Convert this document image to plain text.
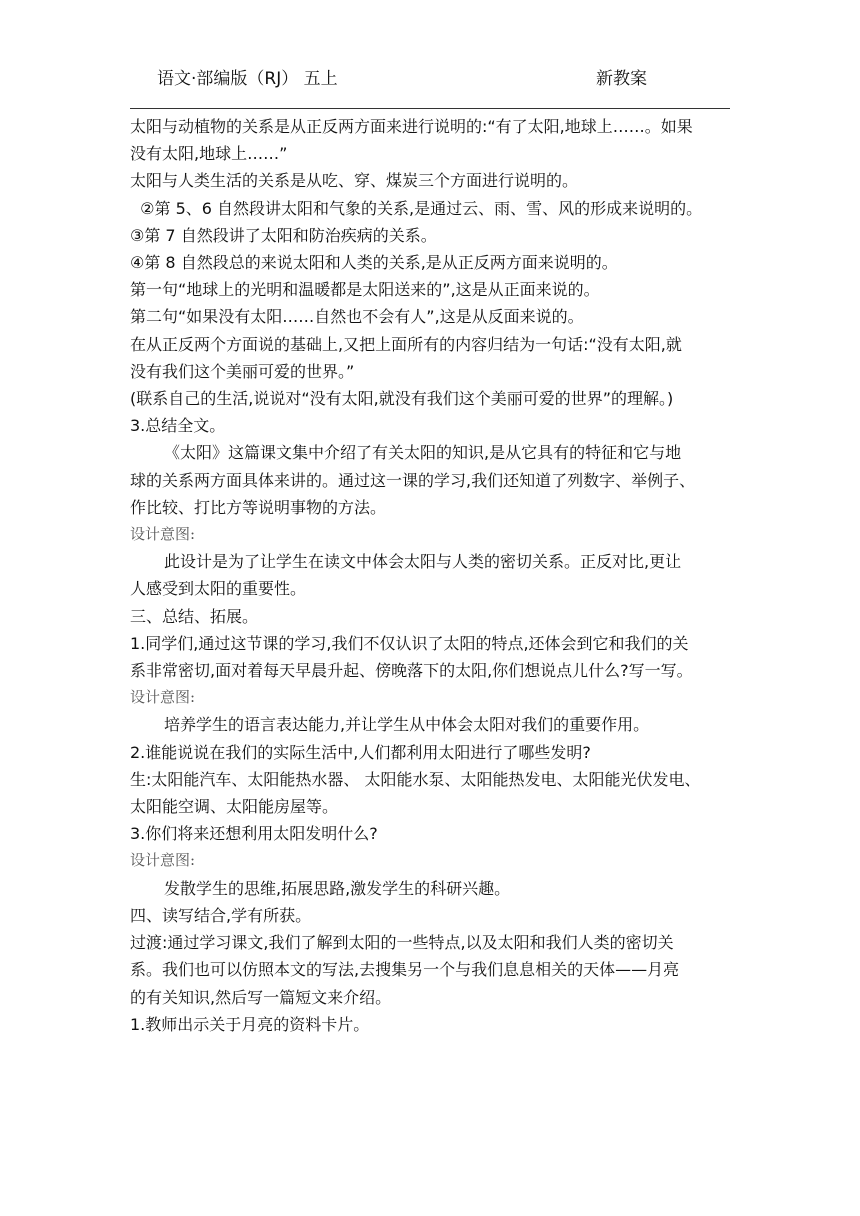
语文·部编版（RJ） 五上	新教案
太阳与动植物的关系是从正反两方面来进行说明的:“有了太阳,地球上……。如果
没有太阳,地球上……”
太阳与人类生活的关系是从吃、穿、煤炭三个方面进行说明的。
②第 5、6 自然段讲太阳和气象的关系,是通过云、雨、雪、风的形成来说明的。
③第 7 自然段讲了太阳和防治疾病的关系。
④第 8 自然段总的来说太阳和人类的关系,是从正反两方面来说明的。
第一句“地球上的光明和温暖都是太阳送来的”,这是从正面来说的。
第二句“如果没有太阳……自然也不会有人”,这是从反面来说的。
在从正反两个方面说的基础上,又把上面所有的内容归结为一句话:“没有太阳,就
没有我们这个美丽可爱的世界。”
(联系自己的生活,说说对“没有太阳,就没有我们这个美丽可爱的世界”的理解。)
3.总结全文。
《太阳》这篇课文集中介绍了有关太阳的知识,是从它具有的特征和它与地
球的关系两方面具体来讲的。通过这一课的学习,我们还知道了列数字、举例子、
作比较、打比方等说明事物的方法。
设计意图:
此设计是为了让学生在读文中体会太阳与人类的密切关系。正反对比,更让
人感受到太阳的重要性。
三、总结、拓展。
1.同学们,通过这节课的学习,我们不仅认识了太阳的特点,还体会到它和我们的关
系非常密切,面对着每天早晨升起、傍晚落下的太阳,你们想说点儿什么?写一写。
设计意图:
培养学生的语言表达能力,并让学生从中体会太阳对我们的重要作用。
2.谁能说说在我们的实际生活中,人们都利用太阳进行了哪些发明?
生:太阳能汽车、太阳能热水器、 太阳能水泵、太阳能热发电、太阳能光伏发电、
太阳能空调、太阳能房屋等。
3.你们将来还想利用太阳发明什么?
设计意图:
发散学生的思维,拓展思路,激发学生的科研兴趣。
四、读写结合,学有所获。
过渡:通过学习课文,我们了解到太阳的一些特点,以及太阳和我们人类的密切关
系。我们也可以仿照本文的写法,去搜集另一个与我们息息相关的天体——月亮
的有关知识,然后写一篇短文来介绍。
1.教师出示关于月亮的资料卡片。
